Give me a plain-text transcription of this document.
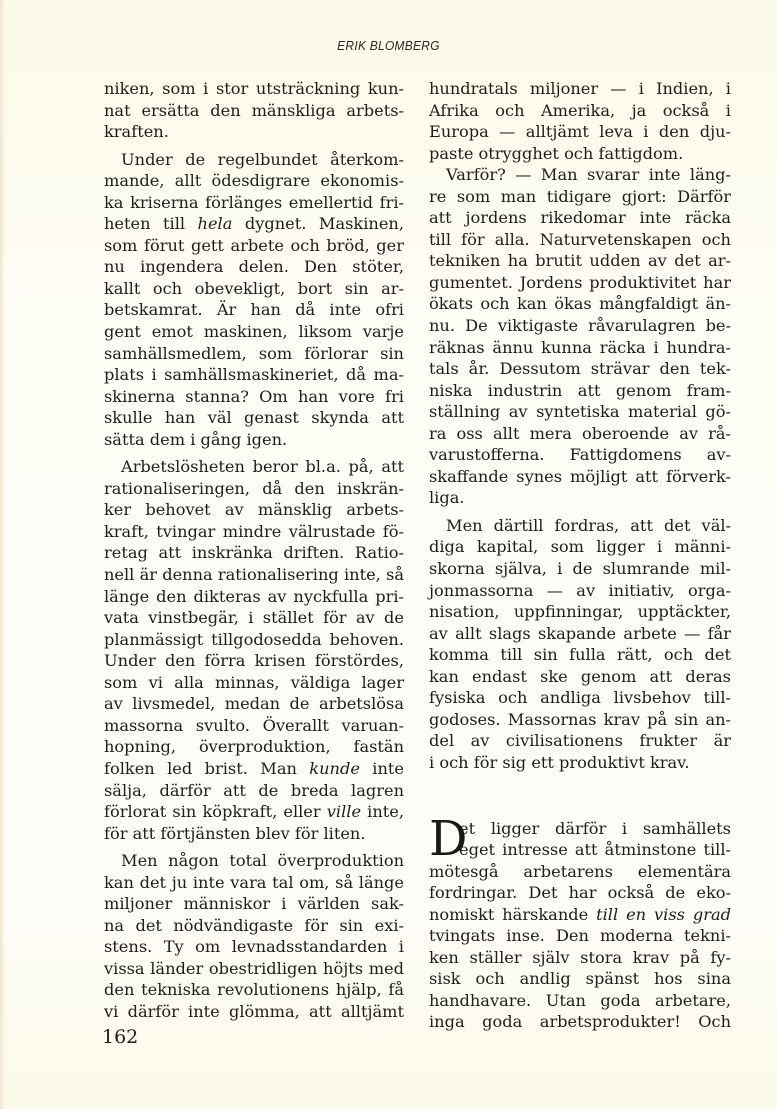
ERIK BLOMBERG
niken, som i stor utsträckning kun-
nat ersätta den mänskliga arbets-
kraften.
Under de regelbundet återkom-
mande, allt ödesdigrare ekonomis-
ka kriserna förlänges emellertid fri-
heten till hela dygnet. Maskinen,
som förut gett arbete och bröd, ger
nu ingendera delen. Den stöter,
kallt och obevekligt, bort sin ar-
betskamrat. Är han då inte ofri
gent emot maskinen, liksom varje
samhällsmedlem, som förlorar sin
plats i samhällsmaskineriet, då ma-
skinerna stanna? Om han vore fri
skulle han väl genast skynda att
sätta dem i gång igen.
Arbetslösheten beror bl.a. på, att
rationaliseringen, då den inskrän-
ker behovet av mänsklig arbets-
kraft, tvingar mindre välrustade fö-
retag att inskränka driften. Ratio-
nell är denna rationalisering inte, så
länge den dikteras av nyckfulla pri-
vata vinstbegär, i stället för av de
planmässigt tillgodosedda behoven.
Under den förra krisen förstördes,
som vi alla minnas, väldiga lager
av livsmedel, medan de arbetslösa
massorna svulto. Överallt varuan-
hopning, överproduktion, fastän
folken led brist. Man kunde inte
sälja, därför att de breda lagren
förlorat sin köpkraft, eller ville inte,
för att förtjänsten blev för liten.
Men någon total överproduktion
kan det ju inte vara tal om, så länge
miljoner människor i världen sak-
na det nödvändigaste för sin exi-
stens. Ty om levnadsstandarden i
vissa länder obestridligen höjts med
den tekniska revolutionens hjälp, få
vi därför inte glömma, att alltjämt
hundratals miljoner — i Indien, i
Afrika och Amerika, ja också i
Europa — alltjämt leva i den dju-
paste otrygghet och fattigdom.
Varför? — Man svarar inte läng-
re som man tidigare gjort: Därför
att jordens rikedomar inte räcka
till för alla. Naturvetenskapen och
tekniken ha brutit udden av det ar-
gumentet. Jordens produktivitet har
ökats och kan ökas mångfaldigt än-
nu. De viktigaste råvarulagren be-
räknas ännu kunna räcka i hundra-
tals år. Dessutom strävar den tek-
niska industrin att genom fram-
ställning av syntetiska material gö-
ra oss allt mera oberoende av rå-
varustofferna. Fattigdomens av-
skaffande synes möjligt att förverk-
liga.
Men därtill fordras, att det väl-
diga kapital, som ligger i männi-
skorna själva, i de slumrande mil-
jonmassorna — av initiativ, orga-
nisation, uppfinningar, upptäckter,
av allt slags skapande arbete — får
komma till sin fulla rätt, och det
kan endast ske genom att deras
fysiska och andliga livsbehov till-
godoses. Massornas krav på sin an-
del av civilisationens frukter är
i och för sig ett produktivt krav.
D
et ligger därför i samhällets
eget intresse att åtminstone till-
mötesgå arbetarens elementära
fordringar. Det har också de eko-
nomiskt härskande till en viss grad
tvingats inse. Den moderna tekni-
ken ställer själv stora krav på fy-
sisk och andlig spänst hos sina
handhavare. Utan goda arbetare,
inga goda arbetsprodukter! Och
162
